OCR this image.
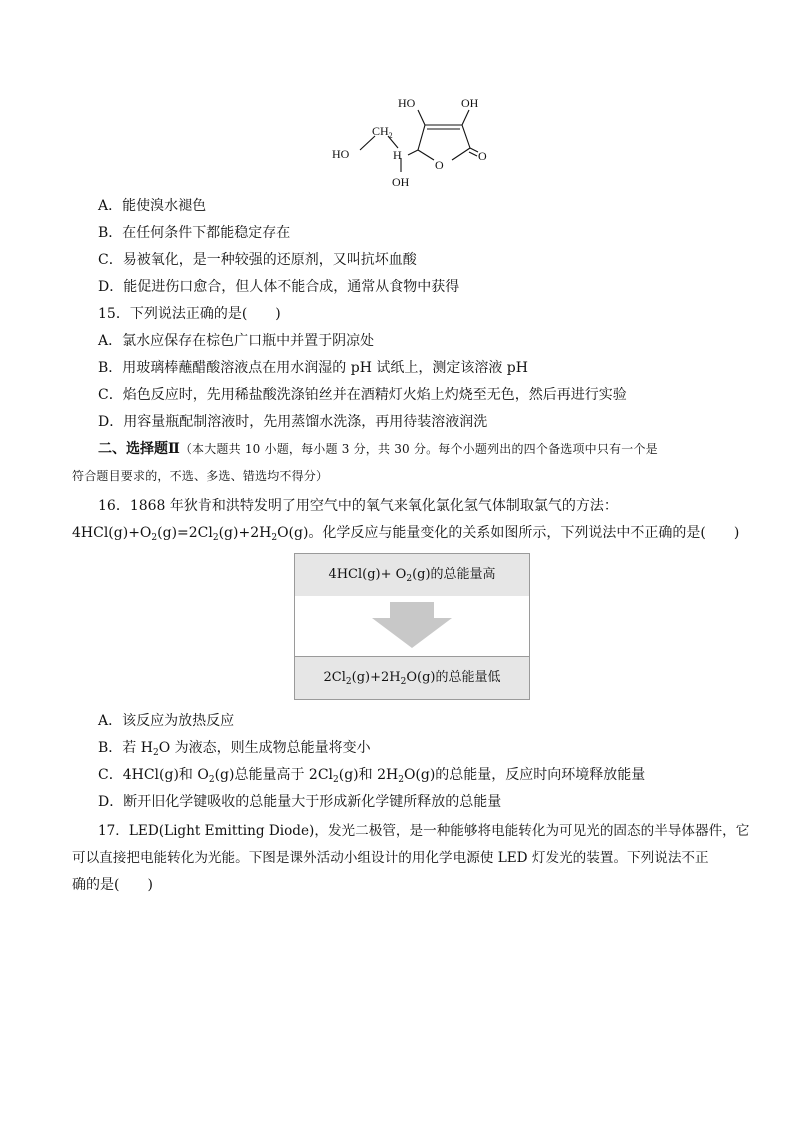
HO	OH
$CH_2$
HO	H
O
O
OH
A．能使溴水褪色
B．在任何条件下都能稳定存在
C．易被氧化，是一种较强的还原剂，又叫抗坏血酸
D．能促进伤口愈合，但人体不能合成，通常从食物中获得
15．下列说法正确的是(　　)
A．氯水应保存在棕色广口瓶中并置于阴凉处
B．用玻璃棒蘸醋酸溶液点在用水润湿的 pH 试纸上，测定该溶液 pH
C．焰色反应时，先用稀盐酸洗涤铂丝并在酒精灯火焰上灼烧至无色，然后再进行实验
D．用容量瓶配制溶液时，先用蒸馏水洗涤，再用待装溶液润洗
二、选择题Ⅱ（本大题共 10 小题，每小题 3 分，共 30 分。每个小题列出的四个备选项中只有一个是
符合题目要求的，不选、多选、错选均不得分）
16．1868 年狄肯和洪特发明了用空气中的氧气来氧化氯化氢气体制取氯气的方法：
$4HCl(g)+O_2(g)=2Cl_2(g)+2H_2O(g)$。化学反应与能量变化的关系如图所示，下列说法中不正确的是(　　)
$4HCl(g)+ O_2(g)$的总能量高
$2Cl_2(g)+2H_2O(g)$的总能量低
A．该反应为放热反应
B．若 $H_2O$ 为液态，则生成物总能量将变小
C．4HCl(g)和 $O_2(g)$总能量高于 $2Cl_2(g)$和 $2H_2O(g)$的总能量，反应时向环境释放能量
D．断开旧化学键吸收的总能量大于形成新化学键所释放的总能量
17．LED(Light Emitting Diode)，发光二极管，是一种能够将电能转化为可见光的固态的半导体器件，它
可以直接把电能转化为光能。下图是课外活动小组设计的用化学电源使 LED 灯发光的装置。下列说法不正
确的是(　　)
